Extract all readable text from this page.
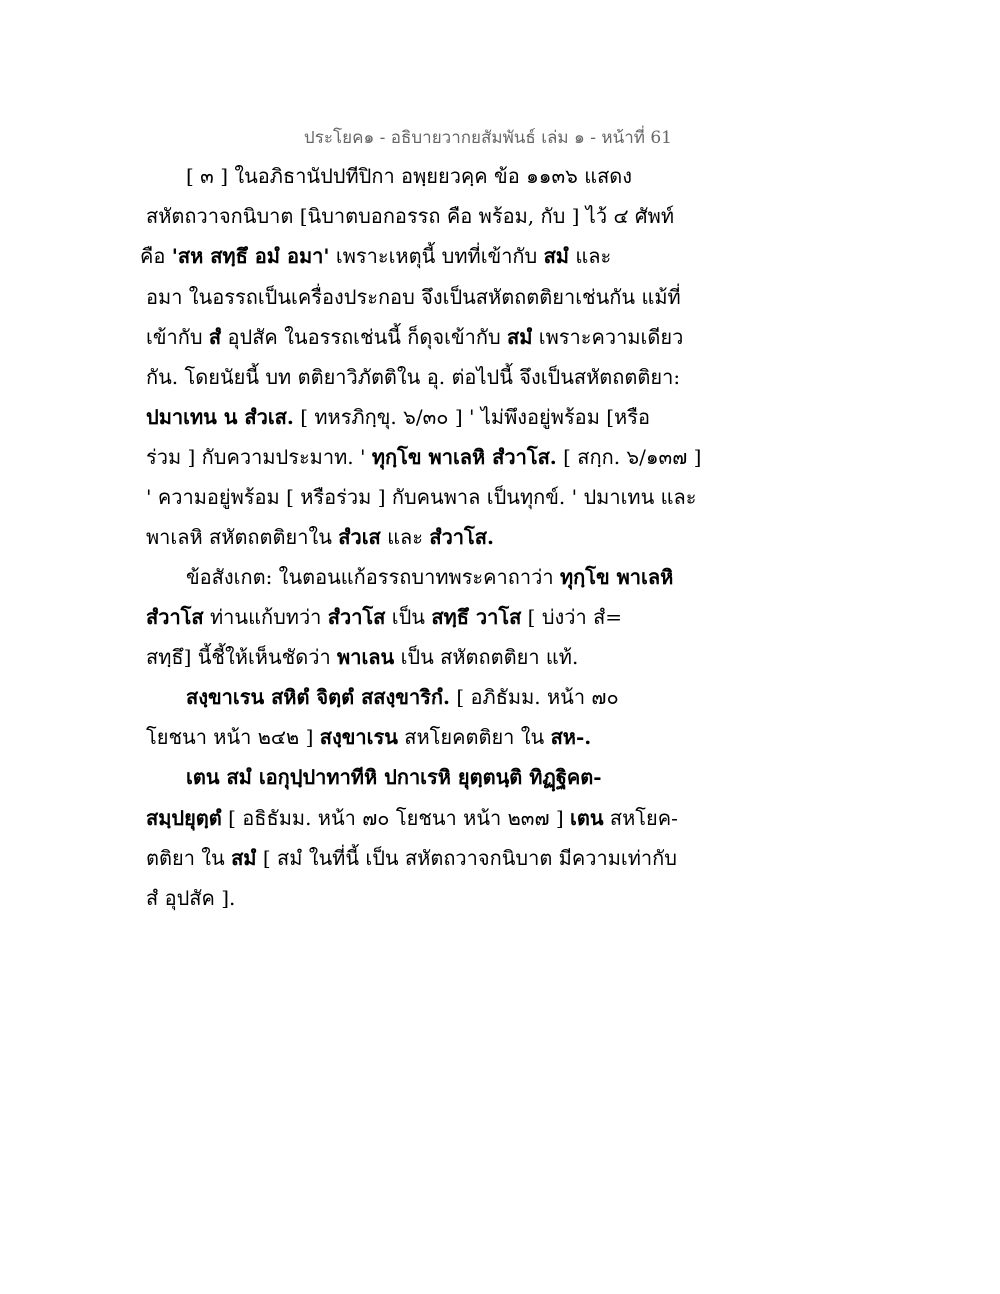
ประโยค๑ - อธิบายวากยสัมพันธ์ เล่ม ๑ - หน้าที่ 61
[ ๓ ] ในอภิธานัปปทีปิกา อพฺยยวคฺค ข้อ ๑๑๓๖ แสดง
สหัตถวาจกนิบาต [นิบาตบอกอรรถ คือ พร้อม, กับ ] ไว้ ๔ ศัพท์
คือ 'สห สทฺธึ อมํ อมา' เพราะเหตุนี้ บทที่เข้ากับ สมํ และ
อมา ในอรรถเป็นเครื่องประกอบ จึงเป็นสหัตถตติยาเช่นกัน แม้ที่
เข้ากับ สํ อุปสัค ในอรรถเช่นนี้ ก็ดุจเข้ากับ สมํ เพราะความเดียว
กัน. โดยนัยนี้ บท ตติยาวิภัตติใน อุ. ต่อไปนี้ จึงเป็นสหัตถตติยา:
ปมาเทน น สํวเส. [ ทหรภิกฺขุ. ๖/๓๐ ] ' ไม่พึงอยู่พร้อม [หรือ
ร่วม ] กับความประมาท. ' ทุกฺโข พาเลหิ สํวาโส. [ สกฺก. ๖/๑๓๗ ]
' ความอยู่พร้อม [ หรือร่วม ] กับคนพาล เป็นทุกข์. ' ปมาเทน และ
พาเลหิ สหัตถตติยาใน สํวเส และ สํวาโส.
ข้อสังเกต: ในตอนแก้อรรถบาทพระคาถาว่า ทุกฺโข พาเลหิ
สํวาโส ท่านแก้บทว่า สํวาโส เป็น สทฺธึ วาโส [ บ่งว่า สํ=
สทฺธึ] นี้ชี้ให้เห็นชัดว่า พาเลน เป็น สหัตถตติยา แท้.
สงฺขาเรน สหิตํ จิตฺตํ สสงฺขาริกํ. [ อภิธัมม. หน้า ๗๐
โยชนา หน้า ๒๔๒ ] สงฺขาเรน สหโยคตติยา ใน สห-.
เตน สมํ เอกุปฺปาทาทีหิ ปกาเรหิ ยุตฺตนฺติ ทิฏฺฐิคต-
สมฺปยุตฺตํ [ อธิธัมม. หน้า ๗๐ โยชนา หน้า ๒๓๗ ] เตน สหโยค-
ตติยา ใน สมํ [ สมํ ในที่นี้ เป็น สหัตถวาจกนิบาต มีความเท่ากับ
สํ อุปสัค ].
